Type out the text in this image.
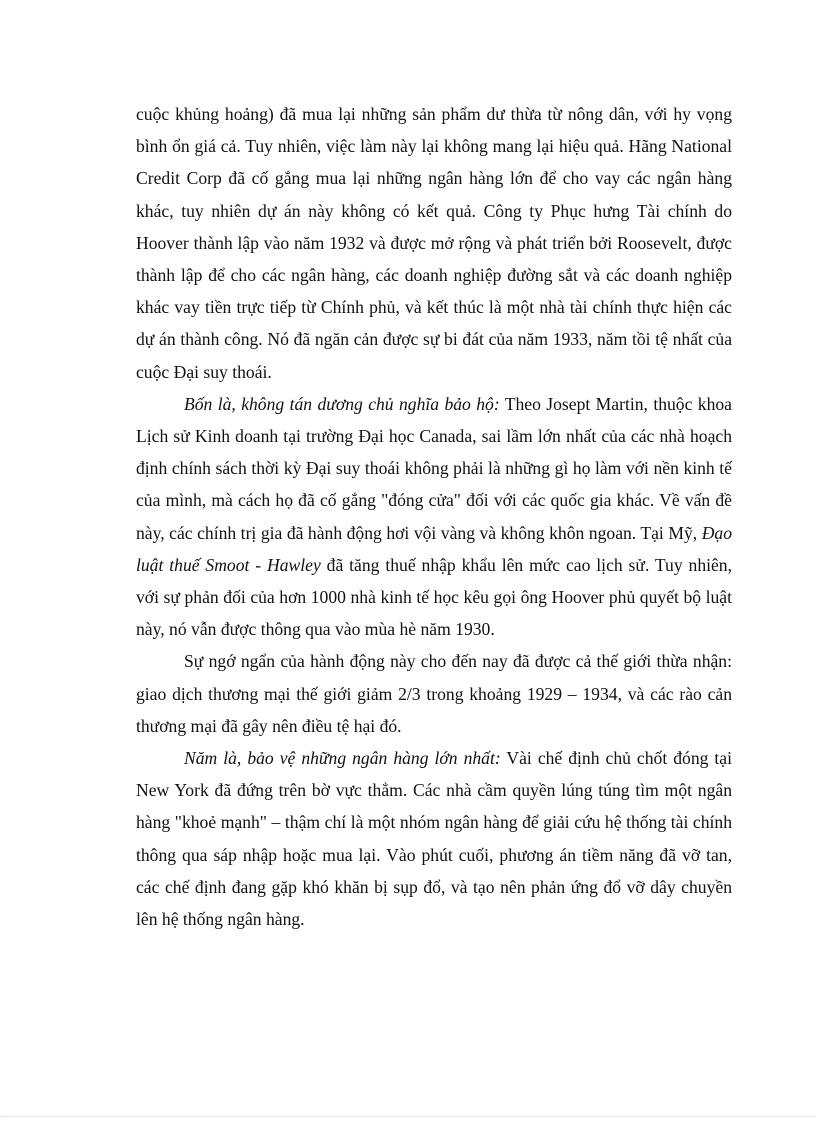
cuộc khủng hoảng) đã mua lại những sản phẩm dư thừa từ nông dân, với hy vọng bình ổn giá cả. Tuy nhiên, việc làm này lại không mang lại hiệu quả. Hãng National Credit Corp đã cố gắng mua lại những ngân hàng lớn để cho vay các ngân hàng khác, tuy nhiên dự án này không có kết quả. Công ty Phục hưng Tài chính do Hoover thành lập vào năm 1932 và được mở rộng và phát triển bởi Roosevelt, được thành lập để cho các ngân hàng, các doanh nghiệp đường sắt và các doanh nghiệp khác vay tiền trực tiếp từ Chính phủ, và kết thúc là một nhà tài chính thực hiện các dự án thành công. Nó đã ngăn cản được sự bi đát của năm 1933, năm tồi tệ nhất của cuộc Đại suy thoái.

Bốn là, không tán dương chủ nghĩa bảo hộ: Theo Josept Martin, thuộc khoa Lịch sử Kinh doanh tại trường Đại học Canada, sai lầm lớn nhất của các nhà hoạch định chính sách thời kỳ Đại suy thoái không phải là những gì họ làm với nền kinh tế của mình, mà cách họ đã cố gắng "đóng cửa" đối với các quốc gia khác. Về vấn đề này, các chính trị gia đã hành động hơi vội vàng và không khôn ngoan. Tại Mỹ, Đạo luật thuế Smoot - Hawley đã tăng thuế nhập khẩu lên mức cao lịch sử. Tuy nhiên, với sự phản đối của hơn 1000 nhà kinh tế học kêu gọi ông Hoover phủ quyết bộ luật này, nó vẫn được thông qua vào mùa hè năm 1930.

Sự ngớ ngẩn của hành động này cho đến nay đã được cả thế giới thừa nhận: giao dịch thương mại thế giới giảm 2/3 trong khoảng 1929 – 1934, và các rào cản thương mại đã gây nên điều tệ hại đó.

Năm là, bảo vệ những ngân hàng lớn nhất: Vài chế định chủ chốt đóng tại New York đã đứng trên bờ vực thẳm. Các nhà cầm quyền lúng túng tìm một ngân hàng "khoẻ mạnh" – thậm chí là một nhóm ngân hàng để giải cứu hệ thống tài chính thông qua sáp nhập hoặc mua lại. Vào phút cuối, phương án tiềm năng đã vỡ tan, các chế định đang gặp khó khăn bị sụp đổ, và tạo nên phản ứng đổ vỡ dây chuyền lên hệ thống ngân hàng.
